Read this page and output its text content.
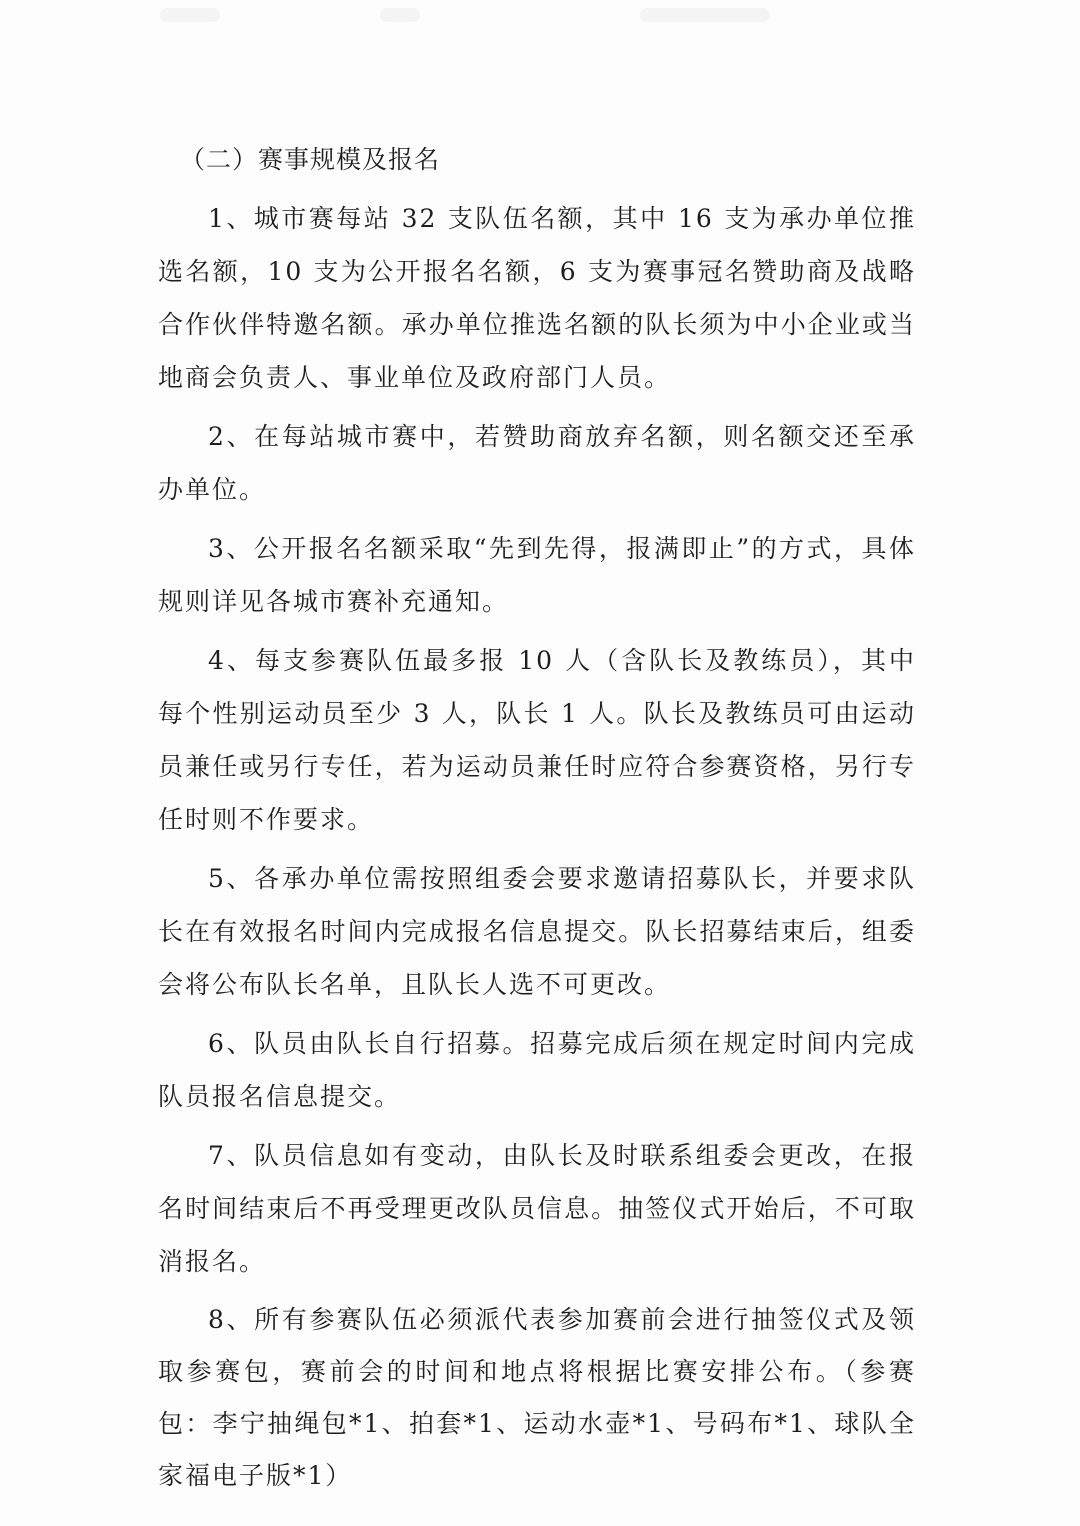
（二）赛事规模及报名

1、城市赛每站 32 支队伍名额，其中 16 支为承办单位推选名额，10 支为公开报名名额，6 支为赛事冠名赞助商及战略合作伙伴特邀名额。承办单位推选名额的队长须为中小企业或当地商会负责人、事业单位及政府部门人员。

2、在每站城市赛中，若赞助商放弃名额，则名额交还至承办单位。

3、公开报名名额采取“先到先得，报满即止”的方式，具体规则详见各城市赛补充通知。

4、每支参赛队伍最多报 10 人（含队长及教练员），其中每个性别运动员至少 3 人，队长 1 人。队长及教练员可由运动员兼任或另行专任，若为运动员兼任时应符合参赛资格，另行专任时则不作要求。

5、各承办单位需按照组委会要求邀请招募队长，并要求队长在有效报名时间内完成报名信息提交。队长招募结束后，组委会将公布队长名单，且队长人选不可更改。

6、队员由队长自行招募。招募完成后须在规定时间内完成队员报名信息提交。

7、队员信息如有变动，由队长及时联系组委会更改，在报名时间结束后不再受理更改队员信息。抽签仪式开始后，不可取消报名。

8、所有参赛队伍必须派代表参加赛前会进行抽签仪式及领取参赛包，赛前会的时间和地点将根据比赛安排公布。（参赛包：李宁抽绳包*1、拍套*1、运动水壶*1、号码布*1、球队全家福电子版*1）
